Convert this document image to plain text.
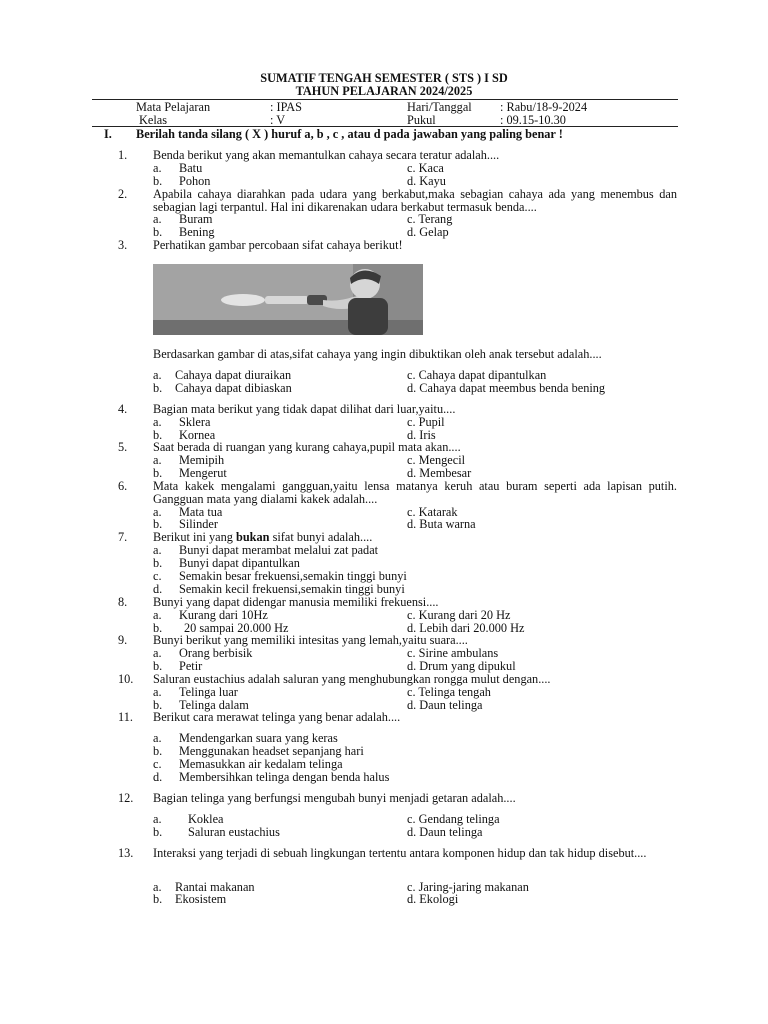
SUMATIF TENGAH SEMESTER ( STS ) I SD
TAHUN PELAJARAN 2024/2025
Mata Pelajaran	: IPAS	Hari/Tanggal : Rabu/18-9-2024
Kelas	: V	Pukul	: 09.15-10.30
I. Berilah tanda silang ( X ) huruf a, b , c , atau d pada jawaban yang paling benar !
1. Benda berikut yang akan memantulkan cahaya secara teratur adalah....
a. Batu	c. Kaca
b. Pohon	d. Kayu
2. Apabila cahaya diarahkan pada udara yang berkabut,maka sebagian cahaya ada yang menembus dan sebagian lagi terpantul. Hal ini dikarenakan udara berkabut termasuk benda....
a. Buram	c. Terang
b. Bening	d. Gelap
3. Perhatikan gambar percobaan sifat cahaya berikut!
Berdasarkan gambar di atas,sifat cahaya yang ingin dibuktikan oleh anak tersebut adalah....
a. Cahaya dapat diuraikan	c. Cahaya dapat dipantulkan
b. Cahaya dapat dibiaskan	d. Cahaya dapat meembus benda bening
4. Bagian mata berikut yang tidak dapat dilihat dari luar,yaitu....
a. Sklera	c. Pupil
b. Kornea	d. Iris
5. Saat berada di ruangan yang kurang cahaya,pupil mata akan....
a. Memipih	c. Mengecil
b. Mengerut	d. Membesar
6. Mata kakek mengalami gangguan,yaitu lensa matanya keruh atau buram seperti ada lapisan putih. Gangguan mata yang dialami kakek adalah....
a. Mata tua	c. Katarak
b. Silinder	d. Buta warna
7. Berikut ini yang bukan sifat bunyi adalah....
a. Bunyi dapat merambat melalui zat padat
b. Bunyi dapat dipantulkan
c. Semakin besar frekuensi,semakin tinggi bunyi
d. Semakin kecil frekuensi,semakin tinggi bunyi
8. Bunyi yang dapat didengar manusia memiliki frekuensi....
a. Kurang dari 10Hz	c. Kurang dari 20 Hz
b. 20 sampai 20.000 Hz	d. Lebih dari 20.000 Hz
9. Bunyi berikut yang memiliki intesitas yang lemah,yaitu suara....
a. Orang berbisik	c. Sirine ambulans
b. Petir	d. Drum yang dipukul
10. Saluran eustachius adalah saluran yang menghubungkan rongga mulut dengan....
a. Telinga luar	c. Telinga tengah
b. Telinga dalam	d. Daun telinga
11. Berikut cara merawat telinga yang benar adalah....
a. Mendengarkan suara yang keras
b. Menggunakan headset sepanjang hari
c. Memasukkan air kedalam telinga
d. Membersihkan telinga dengan benda halus
12. Bagian telinga yang berfungsi mengubah bunyi menjadi getaran adalah....
a. Koklea	c. Gendang telinga
b. Saluran eustachius	d. Daun telinga
13. Interaksi yang terjadi di sebuah lingkungan tertentu antara komponen hidup dan tak hidup disebut....
a. Rantai makanan	c. Jaring-jaring makanan
b. Ekosistem	d. Ekologi
